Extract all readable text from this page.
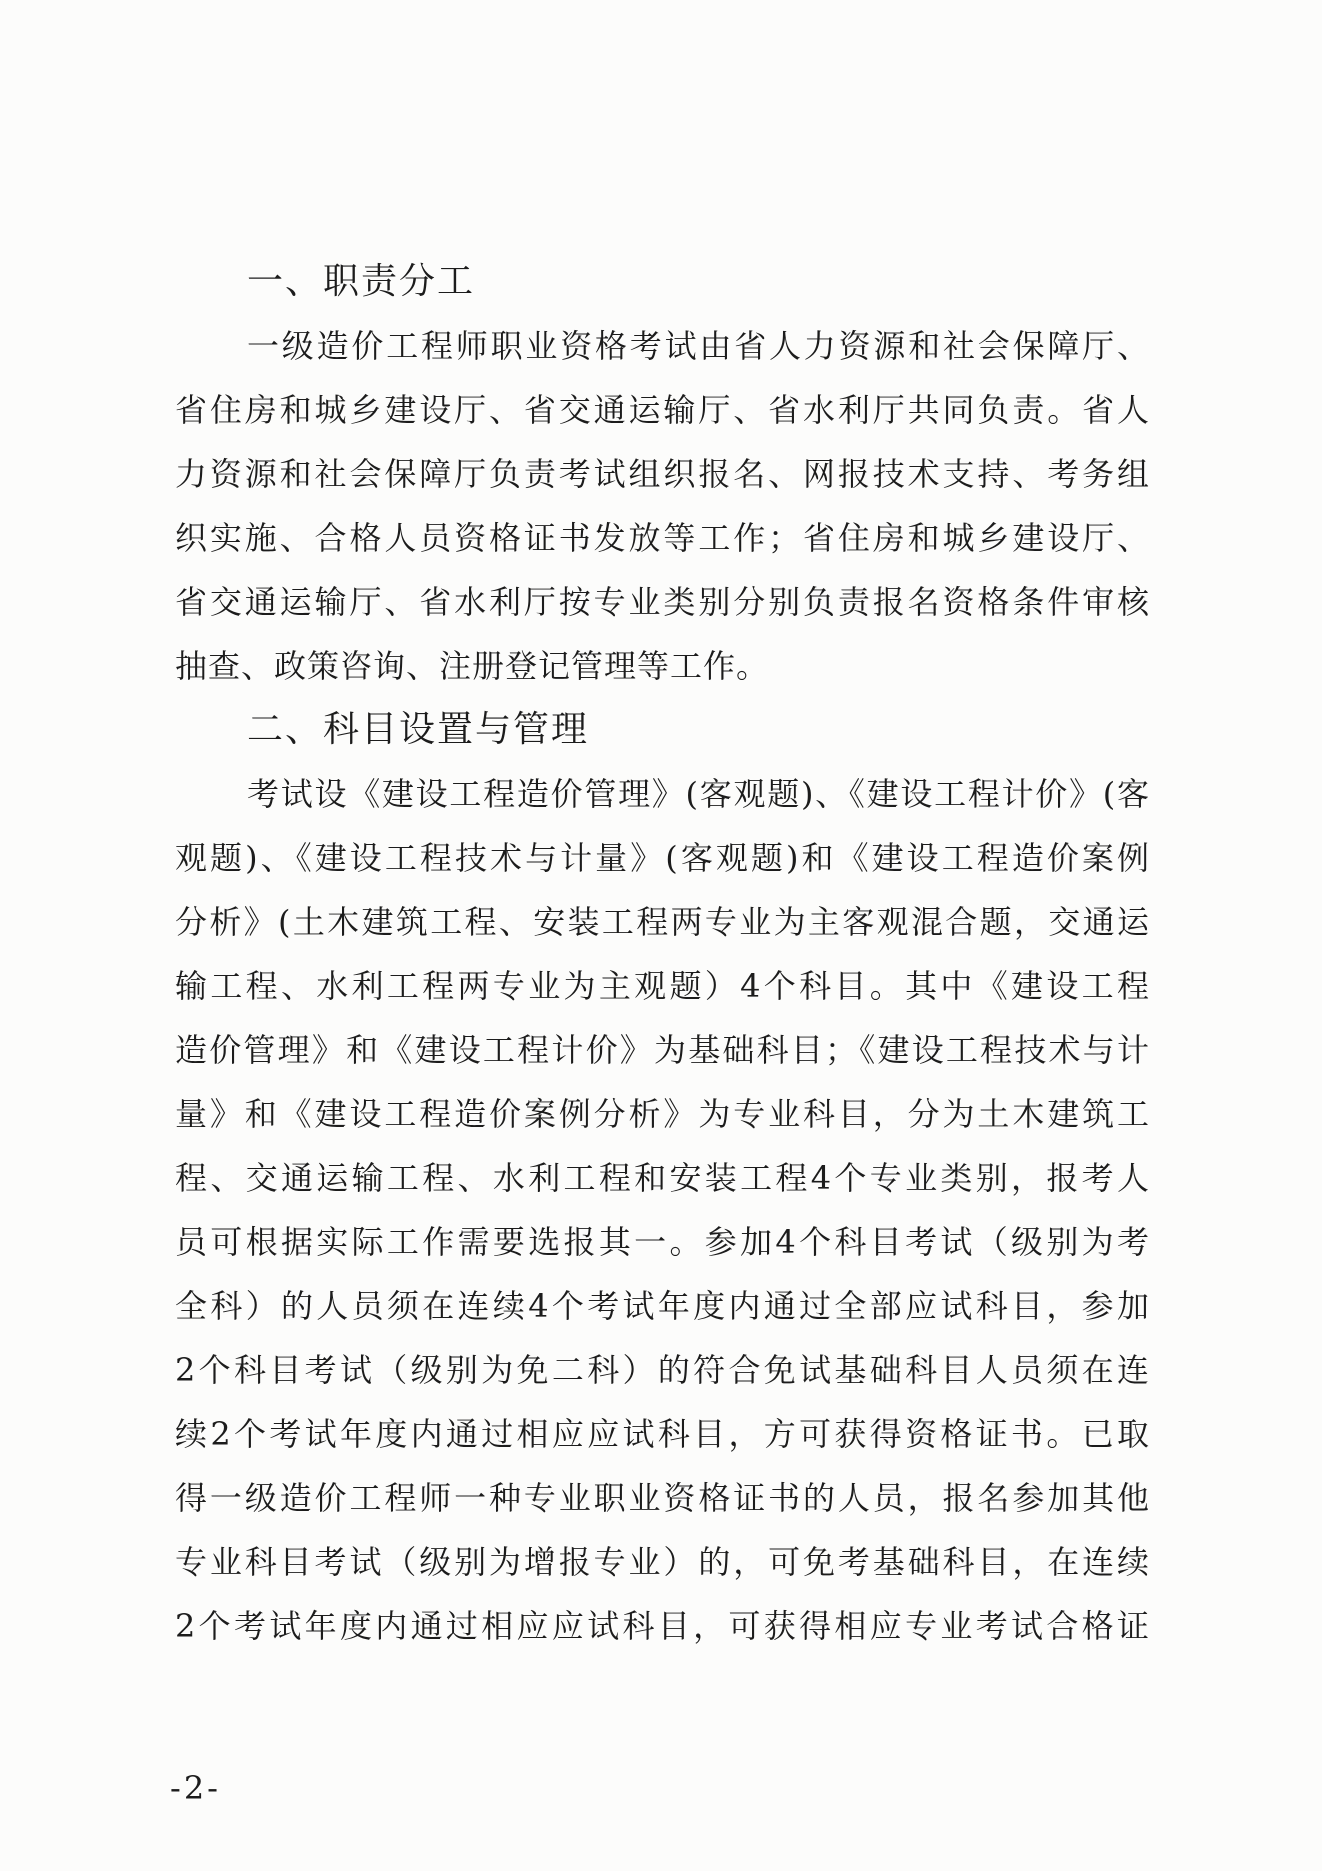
一、职责分工
一级造价工程师职业资格考试由省人力资源和社会保障厅、
省住房和城乡建设厅、省交通运输厅、省水利厅共同负责。省人
力资源和社会保障厅负责考试组织报名、网报技术支持、考务组
织实施、合格人员资格证书发放等工作；省住房和城乡建设厅、
省交通运输厅、省水利厅按专业类别分别负责报名资格条件审核
抽查、政策咨询、注册登记管理等工作。
二、科目设置与管理
考试设《建设工程造价管理》(客观题)、《建设工程计价》(客
观题)、《建设工程技术与计量》(客观题)和《建设工程造价案例
分析》(土木建筑工程、安装工程两专业为主客观混合题，交通运
输工程、水利工程两专业为主观题）4个科目。其中《建设工程
造价管理》和《建设工程计价》为基础科目；《建设工程技术与计
量》和《建设工程造价案例分析》为专业科目，分为土木建筑工
程、交通运输工程、水利工程和安装工程4个专业类别，报考人
员可根据实际工作需要选报其一。参加4个科目考试（级别为考
全科）的人员须在连续4个考试年度内通过全部应试科目，参加
2个科目考试（级别为免二科）的符合免试基础科目人员须在连
续2个考试年度内通过相应应试科目，方可获得资格证书。已取
得一级造价工程师一种专业职业资格证书的人员，报名参加其他
专业科目考试（级别为增报专业）的，可免考基础科目，在连续
2个考试年度内通过相应应试科目，可获得相应专业考试合格证
-2-
